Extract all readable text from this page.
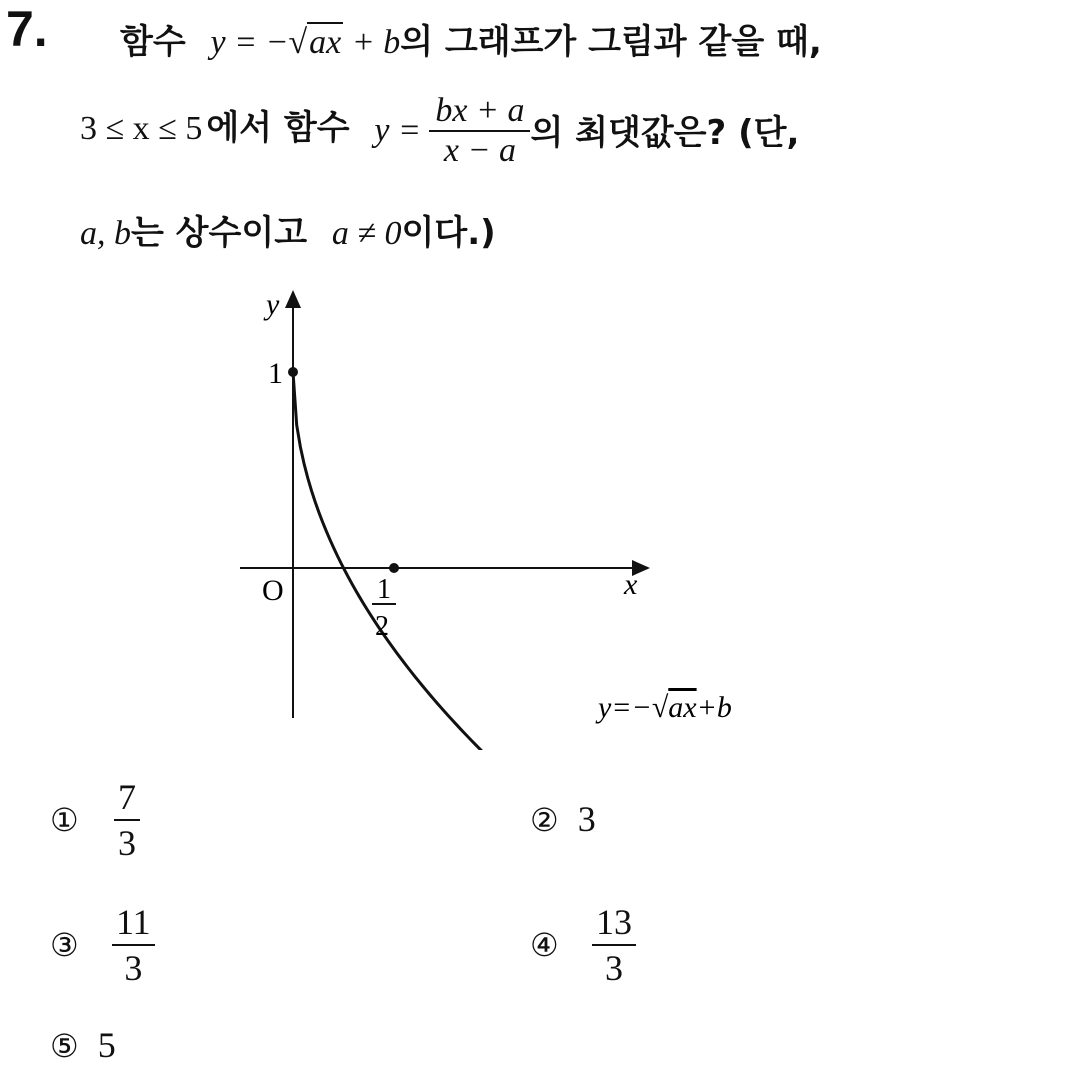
7. 함수 y = −√ax + b의 그래프가 그림과 같을 때,
3 ≤ x ≤ 5 에서 함수 $y = \frac{bx + a}{x - a}$ 의 최댓값은? (단,
a, b는 상수이고 a ≠ 0이다.)
y
x
O
1
1
2
y=−√ax+b
① $\frac{7}{3}$	② 3
③ $\frac{11}{3}$	④ $\frac{13}{3}$
⑤ 5
